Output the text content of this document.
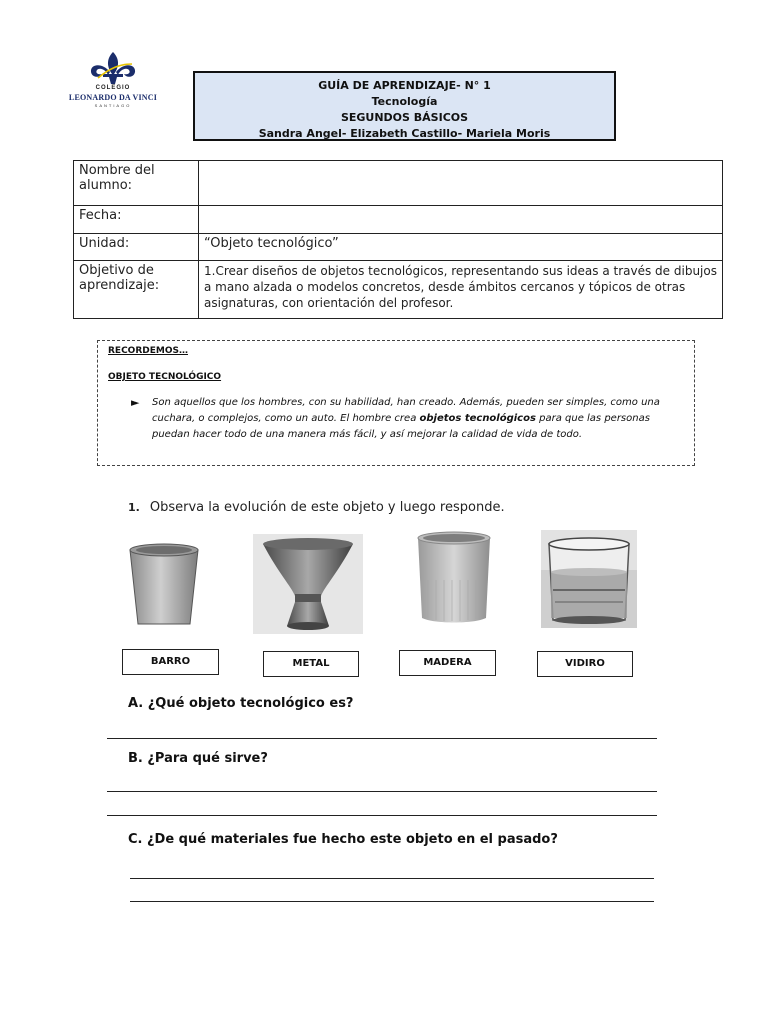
COLEGIO
LEONARDO DA VINCI
SANTIAGO
GUÍA DE APRENDIZAJE- N° 1
Tecnología
SEGUNDOS BÁSICOS
Sandra Angel- Elizabeth Castillo- Mariela Moris
Nombre del alumno:	
Fecha:	
Unidad:	“Objeto tecnológico”
Objetivo de aprendizaje:	1.Crear diseños de objetos tecnológicos, representando sus ideas a través de dibujos a mano alzada o modelos concretos, desde ámbitos cercanos y tópicos de otras asignaturas, con orientación del profesor.
RECORDEMOS…
OBJETO TECNOLÓGICO
► Son aquellos que los hombres, con su habilidad, han creado. Además, pueden ser simples, como una cuchara, o complejos, como un auto. El hombre crea objetos tecnológicos para que las personas puedan hacer todo de una manera más fácil, y así mejorar la calidad de vida de todo.
1. Observa la evolución de este objeto y luego responde.
BARRO	METAL	MADERA	VIDIRO
A. ¿Qué objeto tecnológico es?
B. ¿Para qué sirve?
C. ¿De qué materiales fue hecho este objeto en el pasado?
